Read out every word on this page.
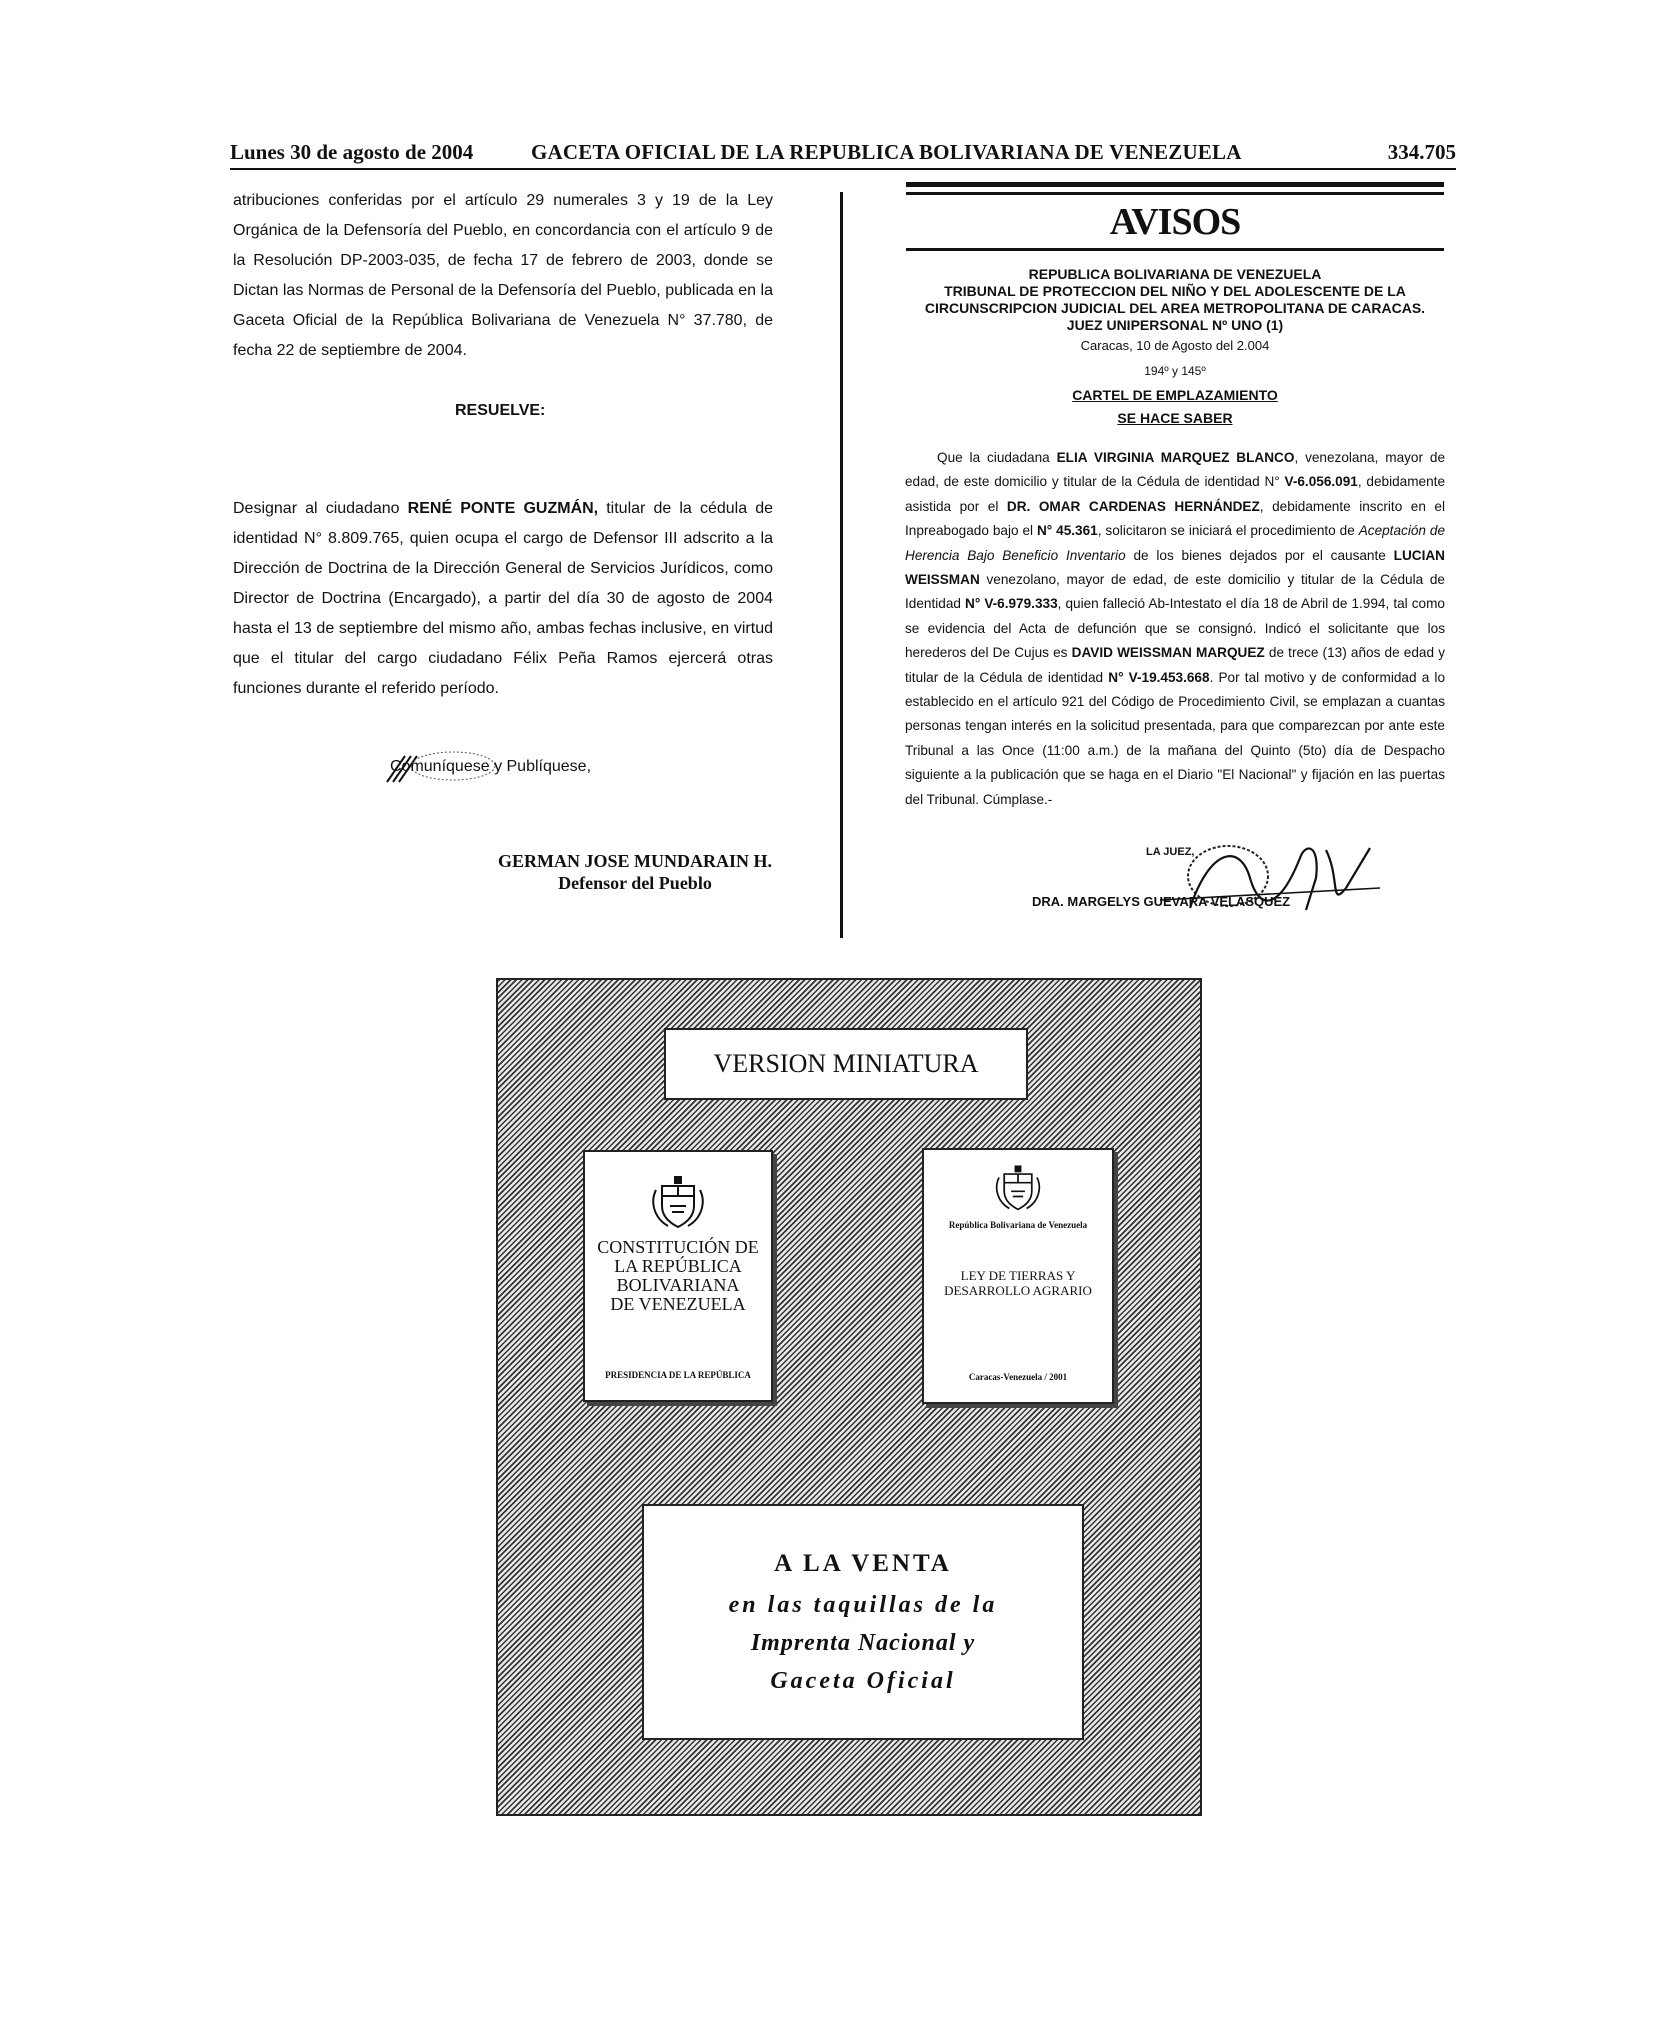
Lunes 30 de agosto de 2004	GACETA OFICIAL DE LA REPUBLICA BOLIVARIANA DE VENEZUELA	334.705

atribuciones conferidas por el artículo 29 numerales 3 y 19 de la Ley Orgánica de la Defensoría del Pueblo, en concordancia con el artículo 9 de la Resolución DP-2003-035, de fecha 17 de febrero de 2003, donde se Dictan las Normas de Personal de la Defensoría del Pueblo, publicada en la Gaceta Oficial de la República Bolivariana de Venezuela N° 37.780, de fecha 22 de septiembre de 2004.

RESUELVE:
Designar al ciudadano RENÉ PONTE GUZMÁN, titular de la cédula de identidad N° 8.809.765, quien ocupa el cargo de Defensor III adscrito a la Dirección de Doctrina de la Dirección General de Servicios Jurídicos, como Director de Doctrina (Encargado), a partir del día 30 de agosto de 2004 hasta el 13 de septiembre del mismo año, ambas fechas inclusive, en virtud que el titular del cargo ciudadano Félix Peña Ramos ejercerá otras funciones durante el referido período.
Comuníquese y Publíquese,
GERMAN JOSE MUNDARAIN H.
Defensor del Pueblo
AVISOS
REPUBLICA BOLIVARIANA DE VENEZUELA
TRIBUNAL DE PROTECCION DEL NIÑO Y DEL ADOLESCENTE DE LA
CIRCUNSCRIPCION JUDICIAL DEL AREA METROPOLITANA DE CARACAS.
JUEZ UNIPERSONAL Nº UNO (1)
Caracas, 10 de Agosto del 2.004
194º y 145º
CARTEL DE EMPLAZAMIENTO
SE HACE SABER

Que la ciudadana ELIA VIRGINIA MARQUEZ BLANCO, venezolana, mayor de edad, de este domicilio y titular de la Cédula de identidad N° V-6.056.091, debidamente asistida por el DR. OMAR CARDENAS HERNÁNDEZ, debidamente inscrito en el Inpreabogado bajo el N° 45.361, solicitaron se iniciará el procedimiento de Aceptación de Herencia Bajo Beneficio Inventario de los bienes dejados por el causante LUCIAN WEISSMAN venezolano, mayor de edad, de este domicilio y titular de la Cédula de Identidad N° V-6.979.333, quien falleció Ab-Intestato el día 18 de Abril de 1.994, tal como se evidencia del Acta de defunción que se consignó. Indicó el solicitante que los herederos del De Cujus es DAVID WEISSMAN MARQUEZ de trece (13) años de edad y titular de la Cédula de identidad N° V-19.453.668. Por tal motivo y de conformidad a lo establecido en el artículo 921 del Código de Procedimiento Civil, se emplazan a cuantas personas tengan interés en la solicitud presentada, para que comparezcan por ante este Tribunal a las Once (11:00 a.m.) de la mañana del Quinto (5to) día de Despacho siguiente a la publicación que se haga en el Diario "El Nacional" y fijación en las puertas del Tribunal. Cúmplase.-

LA JUEZ,
DRA. MARGELYS GUEVARA VELASQUEZ
VERSION MINIATURA
CONSTITUCIÓN DE
LA REPÚBLICA
BOLIVARIANA
DE VENEZUELA
PRESIDENCIA DE LA REPÚBLICA
República Bolivariana de Venezuela
LEY DE TIERRAS Y
DESARROLLO AGRARIO
Caracas-Venezuela / 2001
A LA VENTA
en las taquillas de la
Imprenta Nacional y
Gaceta Oficial
